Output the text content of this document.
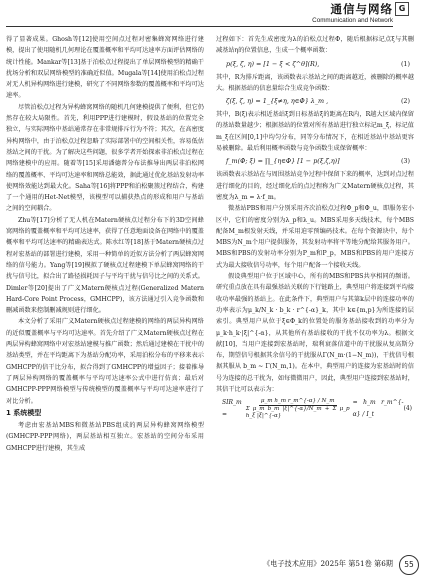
通信与网络
Communication and Network
G

得了显著成果。Ghosh等[12]使用空间点过程对密集蜂窝网络进行建模，提出了使用随机几何理论在覆盖概率和平均可达速率方面评估网络的统计性能。Mankar等[13]基于泊松点过程提出了单层网络模型的精确干扰场分析和双层网络模型的准确近似值。Mugala等[14]使用泊松点过程对无人机异构网络进行建模，研究了不同网络参数的覆盖概率和平均可达速率。

尽管泊松点过程为异构蜂窝网络的随机几何建模提供了便利，但它仍然存在较大局限性。首先，利用PPP进行建模时，假设基站的位置完全独立，与实际网络中基站通常存在非常规排斥行为不符；其次，在高密度异构网络中，由于泊松点过程忽略了实际部署中的空间相关性，容易低估基站之间的干扰。为了解决这些问题，很多学者开始探索非泊松点过程在网络建模中的应用。随着等[15]采用潘德普分布法推导出两层非泊松网络的覆盖概率、平均可达速率和网络总能效，据此通过优化基站发射功率使网络效能达到最大化。Saha等[16]将PPP和泊松聚簇过程结合，构建了一个通用的Het-Net模型，该模型可以捕获热点的形成和用户与基站之间的空间耦合。

Zhu等[17]分析了无人机在Matern硬核点过程分布下的3D空间蜂窝网络的覆盖概率和平均可达速率，获得了任意地面设备在网络中的覆盖概率和平均可达速率的精确表达式。陈水红等[18]基于Matern硬核点过程对宏基站的部署进行建模，采用一种简单的近似方法分析了两层蜂窝网络的信号能力。Yang等[19]模拟了硬核点过程建模下单层蜂窝网络的干扰与信号比，拟合出了路径损耗因子与平均干扰与信号比之间的关系式。Dimler等[20]提出了广义Matern硬核点过程(Generalized Matern Hard-Core Point Process，GMHCPP)，该方法通过引入竞争函数和删减函数来控制删减规则进行细化。

本文分析了采用广义Matern硬核点过程建模的网络的两层异构网络的近似覆盖概率与平均可达速率。首先介绍了广义Matern硬核点过程在两层异构蜂窝网络中对宏基站建模与推广函数；然后通过建模在干扰中的基站类型，并在平均距离下为基站分配功率，采用泊松分布的平移来表示GMHCPP的信干比分布，拟合得到了GMHCPP的增益因子；接着推导了两层异构网络的覆盖概率与平均可达速率公式中进行仿真；最后对GMHCPP-PPP网络模型与传统模型的覆盖概率与平均可达速率进行了对比分析。

1 系统模型

考虑由宏基站MBS和微基站PBS组成的两层异构蜂窝网络模型(GMHCPP-PPP网络)，两层基站相互独立。宏基站的空间分布采用GMHCPP进行建模，其生成

过程如下：首先生成密度为λ的泊松点过程Φ，随后根据标记点ξ与其删减基站η的位置信息，生成一个概率函数：

p(ξ, ζ, η) = [1 − ξ < ζ^θ](R),	(1)

其中，R为排斥距离，该函数表示基站之间的距离越近，被删除的概率越大。根据基站的信息量综合生成竞争函数：

ζ(ξ, ζ, η) = 1_{ξ≠η, η∈Φ} λ_m ,	(2)

其中，B(ξ)表示相近基站ξ到日标基站ξ的距离在R内，R越大区域内保留的基站数量越少；根据基站的位置对所有基站进行独立标记m_ξ，标记值m_ξ在区间[0,1]中均匀分布，同等分布情况下，在相近基站中基站更容易被删除。最后利用概率函数与竞争函数生成保留概率：

f_m(Φ; ξ) = ∏_{η∈Φ} [1 − p(ξ,ζ,η)]	(3)

该函数表示基站在与周围基站竞争过程中保留下来的概率，达到对点过程进行细化的目的，经过细化后的点过程称为广义Matern硬核点过程，其密度为λ_m = λ·f_m。

微基站PBS和用户分别采用齐次泊松点过程Φ_p和Φ_u，即服务宏小区中，它们的密度分别为λ_p和λ_u。MBS采用多天线技术，每个MBS配备M_m根发射天线，并采用迫零预编码技术。在每个资源块中，每个MBS为N_m个用户提供服务，其发射功率将平等地分配给其服务用户。MBS和PBS的发射功率分别为P_m和P_p，MBS和PBS的用户连接方式为最大接收信号功率，每个用户配备一个接收天线。

假设典型用户位于区域中心，所有的MBS和PBS共享相同的频谱。研究重点放在具有最强基站关联的下行链路上，典型用户将连接到平均接收功率最强的基站上。在此条件下，典型用户与其第k层中的连接功率的功率表示为μ_k/N_k · b_k · r^{-α}_k，其中 k∈{m,p}为所连接的层索引。典型用户从位于ξ∈Φ_k的位置处的服务基站接收到的功率分为μ_k·h_k·|ξ|^{-α}，从其他所有基站接收的干扰不仅功率为λ。根据文献[10]，当用户连接到宏基站时，瑞利衰落信道中的干扰服从复高斯分布，期望信号根据其余信号的干扰服从Γ(N_m·(1−N_m))，干扰信号根据其服从 b_m ~ Γ(N_m,1)。在本中，典型用户的连接为宏基站时的信号为连接的总干扰为，如每微微用户，因此，典型用户连接到宏基站时，其信干比可以表示为：

SIR_m =	$\frac{\text{μ\_m h\_m r\_m\textasciicircum{}\{-α\} / N\_m}}{\text{Σ μ\_m b\_m |ξ|\textasciicircum{}\{-α\}/N\_m + Σ μ\_p h\_ξ |ξ|\textasciicircum{}\{-α\}}}$ = h_m r_m^{-α} / I_t
(4)
《电子技术应用》2025年 第51卷 第6期	55
